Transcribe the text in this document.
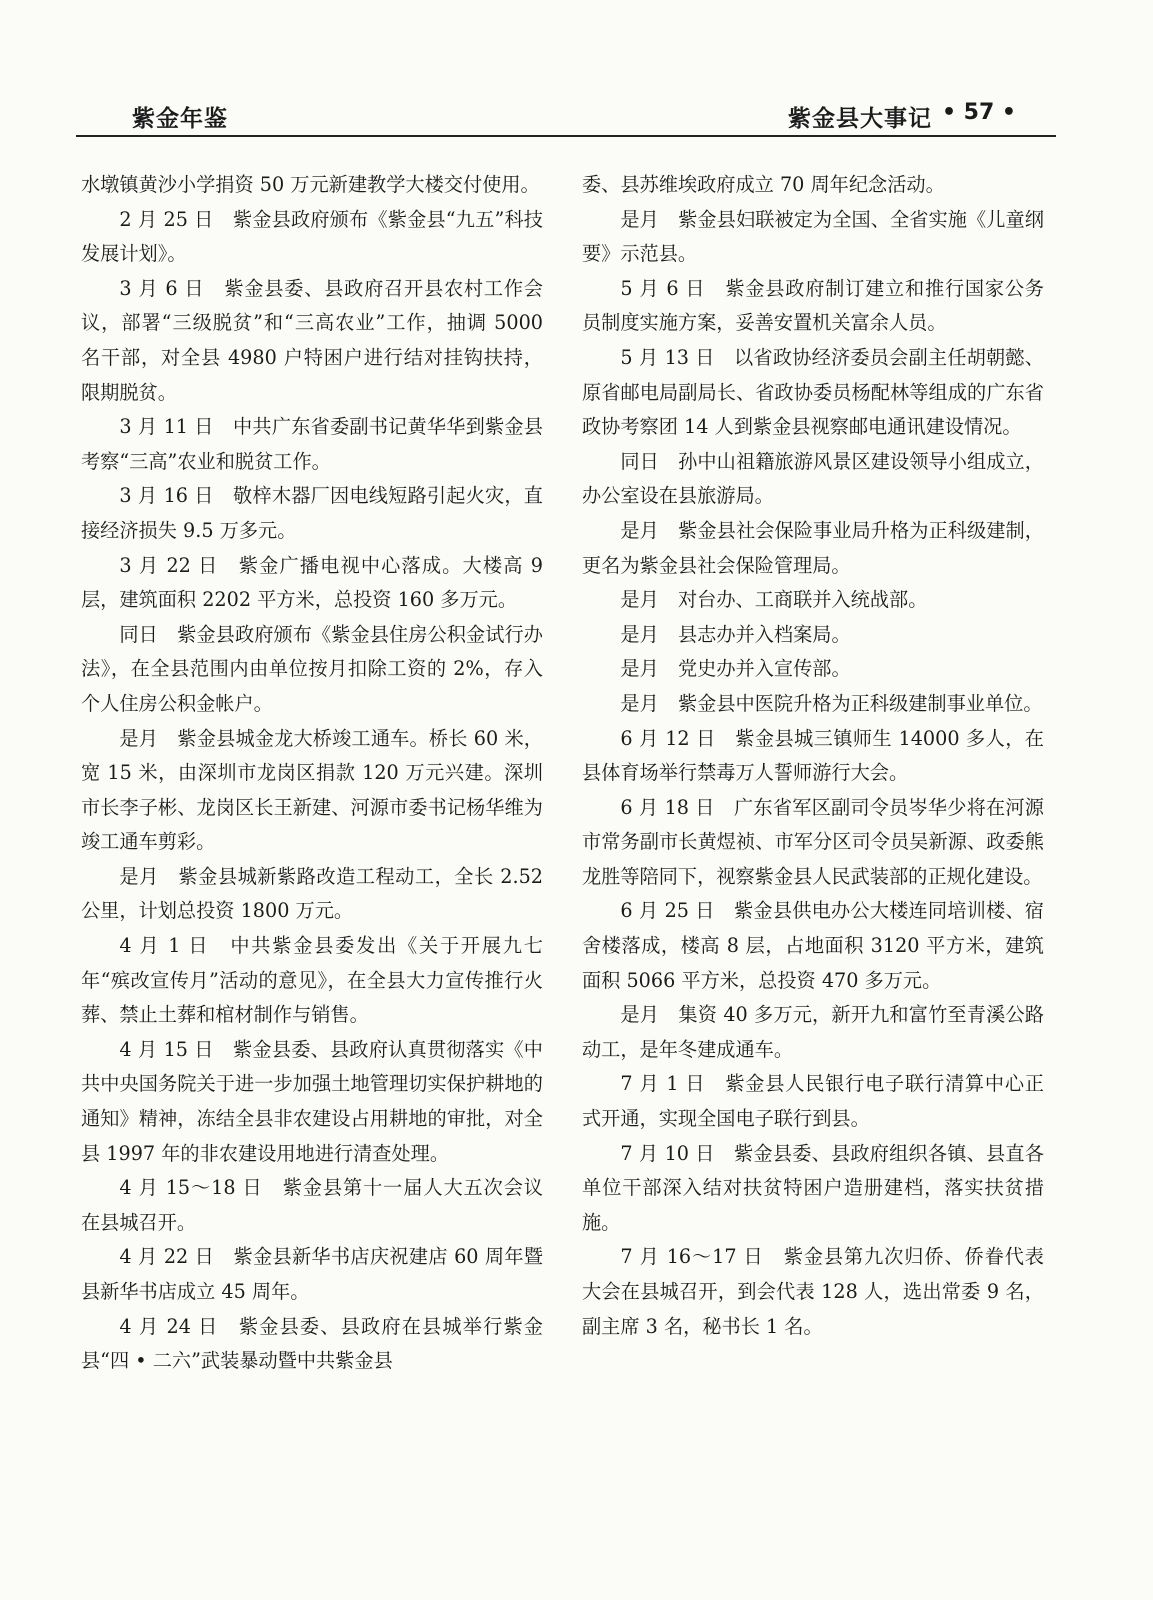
紫金年鉴	紫金县大事记 • 57 •

水墩镇黄沙小学捐资 50 万元新建教学大楼交付使用。

2 月 25 日　紫金县政府颁布《紫金县“九五”科技发展计划》。

3 月 6 日　紫金县委、县政府召开县农村工作会议，部署“三级脱贫”和“三高农业”工作，抽调 5000 名干部，对全县 4980 户特困户进行结对挂钩扶持，限期脱贫。

3 月 11 日　中共广东省委副书记黄华华到紫金县考察“三高”农业和脱贫工作。

3 月 16 日　敬梓木器厂因电线短路引起火灾，直接经济损失 9.5 万多元。

3 月 22 日　紫金广播电视中心落成。大楼高 9 层，建筑面积 2202 平方米，总投资 160 多万元。

同日　紫金县政府颁布《紫金县住房公积金试行办法》，在全县范围内由单位按月扣除工资的 2%，存入个人住房公积金帐户。

是月　紫金县城金龙大桥竣工通车。桥长 60 米，宽 15 米，由深圳市龙岗区捐款 120 万元兴建。深圳市长李子彬、龙岗区长王新建、河源市委书记杨华维为竣工通车剪彩。

是月　紫金县城新紫路改造工程动工，全长 2.52 公里，计划总投资 1800 万元。

4 月 1 日　中共紫金县委发出《关于开展九七年“殡改宣传月”活动的意见》，在全县大力宣传推行火葬、禁止土葬和棺材制作与销售。

4 月 15 日　紫金县委、县政府认真贯彻落实《中共中央国务院关于进一步加强土地管理切实保护耕地的通知》精神，冻结全县非农建设占用耕地的审批，对全县 1997 年的非农建设用地进行清查处理。

4 月 15～18 日　紫金县第十一届人大五次会议在县城召开。

4 月 22 日　紫金县新华书店庆祝建店 60 周年暨县新华书店成立 45 周年。

4 月 24 日　紫金县委、县政府在县城举行紫金县“四 • 二六”武装暴动暨中共紫金县

委、县苏维埃政府成立 70 周年纪念活动。

是月　紫金县妇联被定为全国、全省实施《儿童纲要》示范县。

5 月 6 日　紫金县政府制订建立和推行国家公务员制度实施方案，妥善安置机关富余人员。

5 月 13 日　以省政协经济委员会副主任胡朝懿、原省邮电局副局长、省政协委员杨配林等组成的广东省政协考察团 14 人到紫金县视察邮电通讯建设情况。

同日　孙中山祖籍旅游风景区建设领导小组成立，办公室设在县旅游局。

是月　紫金县社会保险事业局升格为正科级建制，更名为紫金县社会保险管理局。

是月　对台办、工商联并入统战部。

是月　县志办并入档案局。

是月　党史办并入宣传部。

是月　紫金县中医院升格为正科级建制事业单位。

6 月 12 日　紫金县城三镇师生 14000 多人，在县体育场举行禁毒万人誓师游行大会。

6 月 18 日　广东省军区副司令员岑华少将在河源市常务副市长黄煜祯、市军分区司令员吴新源、政委熊龙胜等陪同下，视察紫金县人民武装部的正规化建设。

6 月 25 日　紫金县供电办公大楼连同培训楼、宿舍楼落成，楼高 8 层，占地面积 3120 平方米，建筑面积 5066 平方米，总投资 470 多万元。

是月　集资 40 多万元，新开九和富竹至青溪公路动工，是年冬建成通车。

7 月 1 日　紫金县人民银行电子联行清算中心正式开通，实现全国电子联行到县。

7 月 10 日　紫金县委、县政府组织各镇、县直各单位干部深入结对扶贫特困户造册建档，落实扶贫措施。

7 月 16～17 日　紫金县第九次归侨、侨眷代表大会在县城召开，到会代表 128 人，选出常委 9 名，副主席 3 名，秘书长 1 名。
